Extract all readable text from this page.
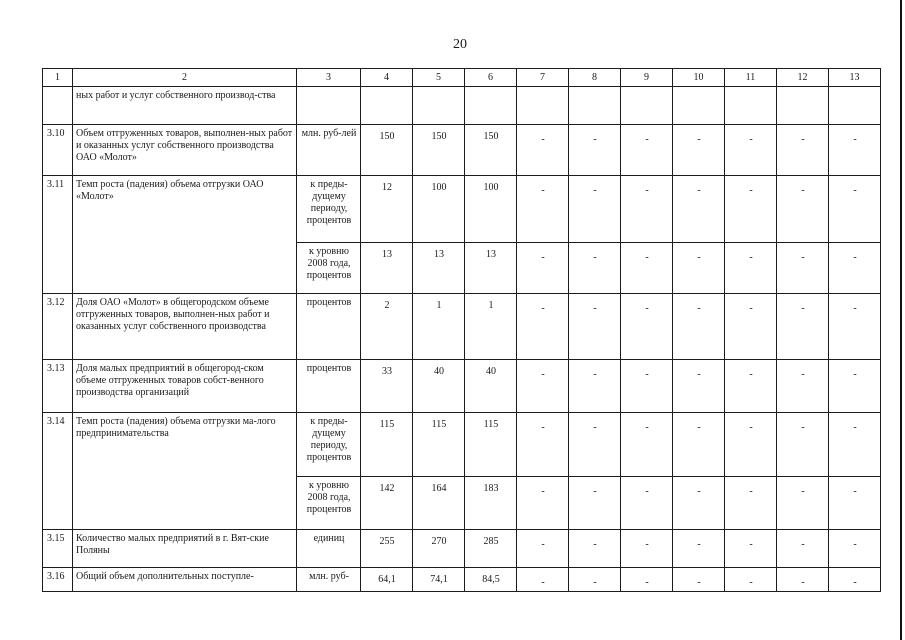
20
1	2	3	4	5	6	7	8	9	10	11	12	13
	ных работ и услуг собственного производ-ства											
3.10	Объем отгруженных товаров, выполнен-ных работ и оказанных услуг собственного производства ОАО «Молот»	млн. руб-лей	150	150	150	-	-	-	-	-	-	-
3.11	Темп роста (падения) объема отгрузки ОАО «Молот»	к преды-дущему периоду, процентов	12	100	100	-	-	-	-	-	-	-
		к уровню 2008 года, процентов	13	13	13	-	-	-	-	-	-	-
3.12	Доля ОАО «Молот» в общегородском объеме отгруженных товаров, выполнен-ных работ и оказанных услуг собственного производства	процентов	2	1	1	-	-	-	-	-	-	-
3.13	Доля малых предприятий в общегород-ском объеме отгруженных товаров собст-венного производства организаций	процентов	33	40	40	-	-	-	-	-	-	-
3.14	Темп роста (падения) объема отгрузки ма-лого предпринимательства	к преды-дущему периоду, процентов	115	115	115	-	-	-	-	-	-	-
		к уровню 2008 года, процентов	142	164	183	-	-	-	-	-	-	-
3.15	Количество малых предприятий в г. Вят-ские Поляны	единиц	255	270	285	-	-	-	-	-	-	-
3.16	Общий объем дополнительных поступле-	млн. руб-	64,1	74,1	84,5	-	-	-	-	-	-	-
